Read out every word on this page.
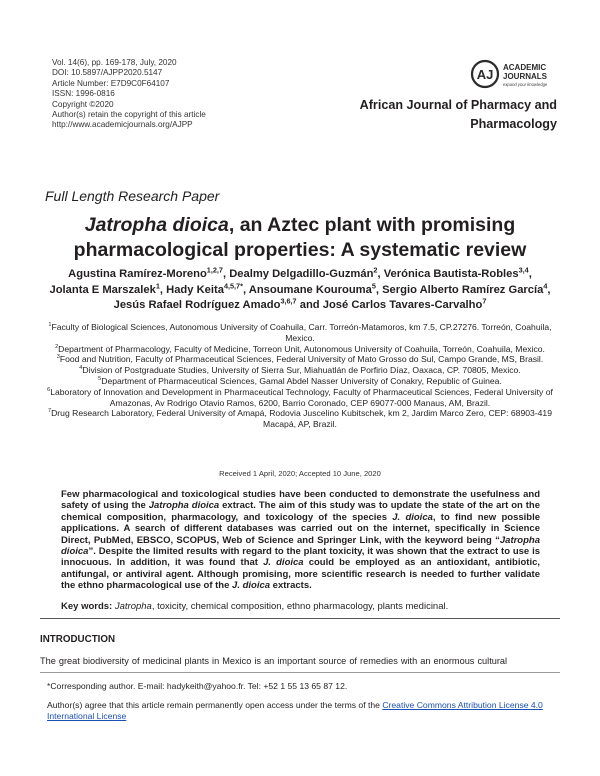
Vol. 14(6), pp. 169-178, July, 2020
DOI: 10.5897/AJPP2020.5147
Article Number: E7D9C0F64107
ISSN: 1996-0816
Copyright ©2020
Author(s) retain the copyright of this article
http://www.academicjournals.org/AJPP
AJ ACADEMIC
JOURNALS
expand your knowledge
African Journal of Pharmacy and
Pharmacology
Full Length Research Paper
Jatropha dioica, an Aztec plant with promising pharmacological properties: A systematic review
Agustina Ramírez-Moreno$^{1,2,7}$, Dealmy Delgadillo-Guzmán$^2$, Verónica Bautista-Robles$^{3,4}$, Jolanta E Marszalek$^1$, Hady Keita$^{4,5,7*}$, Ansoumane Kourouma$^5$, Sergio Alberto Ramírez García$^4$, Jesús Rafael Rodríguez Amado$^{3,6,7}$ and José Carlos Tavares-Carvalho$^7$
$^1$Faculty of Biological Sciences, Autonomous University of Coahuila, Carr. Torreón-Matamoros, km 7.5, CP.27276. Torreón, Coahuila, Mexico.
$^2$Department of Pharmacology, Faculty of Medicine, Torreon Unit, Autonomous University of Coahuila, Torreón, Coahuila, Mexico.
$^3$Food and Nutrition, Faculty of Pharmaceutical Sciences, Federal University of Mato Grosso do Sul, Campo Grande, MS, Brasil.
$^4$Division of Postgraduate Studies, University of Sierra Sur, Miahuatlán de Porfirio Díaz, Oaxaca, CP. 70805, Mexico.
$^5$Department of Pharmaceutical Sciences, Gamal Abdel Nasser University of Conakry, Republic of Guinea.
$^6$Laboratory of Innovation and Development in Pharmaceutical Technology, Faculty of Pharmaceutical Sciences, Federal University of Amazonas, Av Rodrigo Otavio Ramos, 6200, Barrio Coronado, CEP 69077-000 Manaus, AM, Brazil.
$^7$Drug Research Laboratory, Federal University of Amapá, Rodovia Juscelino Kubitschek, km 2, Jardim Marco Zero, CEP: 68903-419 Macapá, AP, Brazil.
Received 1 April, 2020; Accepted 10 June, 2020
Few pharmacological and toxicological studies have been conducted to demonstrate the usefulness and safety of using the Jatropha dioica extract. The aim of this study was to update the state of the art on the chemical composition, pharmacology, and toxicology of the species J. dioica, to find new possible applications. A search of different databases was carried out on the internet, specifically in Science Direct, PubMed, EBSCO, SCOPUS, Web of Science and Springer Link, with the keyword being “Jatropha dioica”. Despite the limited results with regard to the plant toxicity, it was shown that the extract to use is innocuous. In addition, it was found that J. dioica could be employed as an antioxidant, antibiotic, antifungal, or antiviral agent. Although promising, more scientific research is needed to further validate the ethno pharmacological use of the J. dioica extracts.
Key words: Jatropha, toxicity, chemical composition, ethno pharmacology, plants medicinal.
INTRODUCTION
The great biodiversity of medicinal plants in Mexico is an important source of remedies with an enormous cultural
*Corresponding author. E-mail: hadykeith@yahoo.fr. Tel: +52 1 55 13 65 87 12.
Author(s) agree that this article remain permanently open access under the terms of the Creative Commons Attribution License 4.0 International License
